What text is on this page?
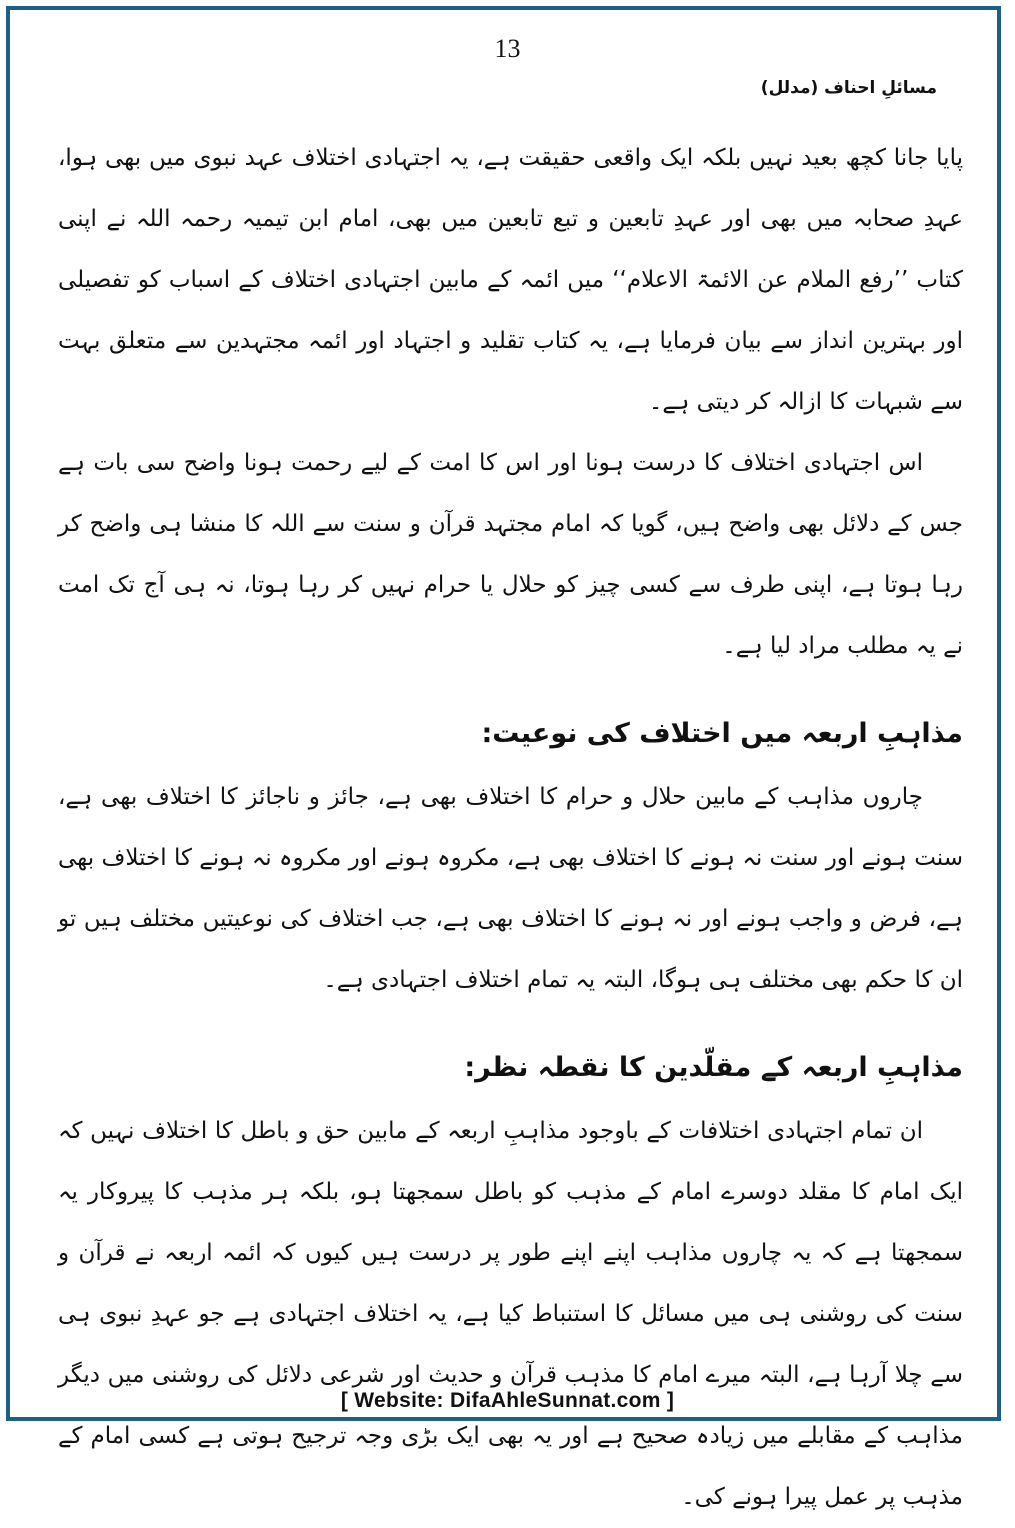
13
مسائلِ احناف (مدلل)

پایا جانا کچھ بعید نہیں بلکہ ایک واقعی حقیقت ہے، یہ اجتہادی اختلاف عہد نبوی میں بھی ہوا، عہدِ صحابہ میں بھی اور عہدِ تابعین و تبع تابعین میں بھی، امام ابن تیمیہ رحمہ اللہ نے اپنی کتاب ’’رفع الملام عن الائمۃ الاعلام‘‘ میں ائمہ کے مابین اجتہادی اختلاف کے اسباب کو تفصیلی اور بہترین انداز سے بیان فرمایا ہے، یہ کتاب تقلید و اجتہاد اور ائمہ مجتہدین سے متعلق بہت سے شبہات کا ازالہ کر دیتی ہے۔

اس اجتہادی اختلاف کا درست ہونا اور اس کا امت کے لیے رحمت ہونا واضح سی بات ہے جس کے دلائل بھی واضح ہیں، گویا کہ امام مجتہد قرآن و سنت سے اللہ کا منشا ہی واضح کر رہا ہوتا ہے، اپنی طرف سے کسی چیز کو حلال یا حرام نہیں کر رہا ہوتا، نہ ہی آج تک امت نے یہ مطلب مراد لیا ہے۔

مذاہبِ اربعہ میں اختلاف کی نوعیت:

چاروں مذاہب کے مابین حلال و حرام کا اختلاف بھی ہے، جائز و ناجائز کا اختلاف بھی ہے، سنت ہونے اور سنت نہ ہونے کا اختلاف بھی ہے، مکروہ ہونے اور مکروہ نہ ہونے کا اختلاف بھی ہے، فرض و واجب ہونے اور نہ ہونے کا اختلاف بھی ہے، جب اختلاف کی نوعیتیں مختلف ہیں تو ان کا حکم بھی مختلف ہی ہوگا، البتہ یہ تمام اختلاف اجتہادی ہے۔

مذاہبِ اربعہ کے مقلّدین کا نقطہ نظر:

ان تمام اجتہادی اختلافات کے باوجود مذاہبِ اربعہ کے مابین حق و باطل کا اختلاف نہیں کہ ایک امام کا مقلد دوسرے امام کے مذہب کو باطل سمجھتا ہو، بلکہ ہر مذہب کا پیروکار یہ سمجھتا ہے کہ یہ چاروں مذاہب اپنے اپنے طور پر درست ہیں کیوں کہ ائمہ اربعہ نے قرآن و سنت کی روشنی ہی میں مسائل کا استنباط کیا ہے، یہ اختلاف اجتہادی ہے جو عہدِ نبوی ہی سے چلا آرہا ہے، البتہ میرے امام کا مذہب قرآن و حدیث اور شرعی دلائل کی روشنی میں دیگر مذاہب کے مقابلے میں زیادہ صحیح ہے اور یہ بھی ایک بڑی وجہ ترجیح ہوتی ہے کسی امام کے مذہب پر عمل پیرا ہونے کی۔

[ Website: DifaAhleSunnat.com ]
